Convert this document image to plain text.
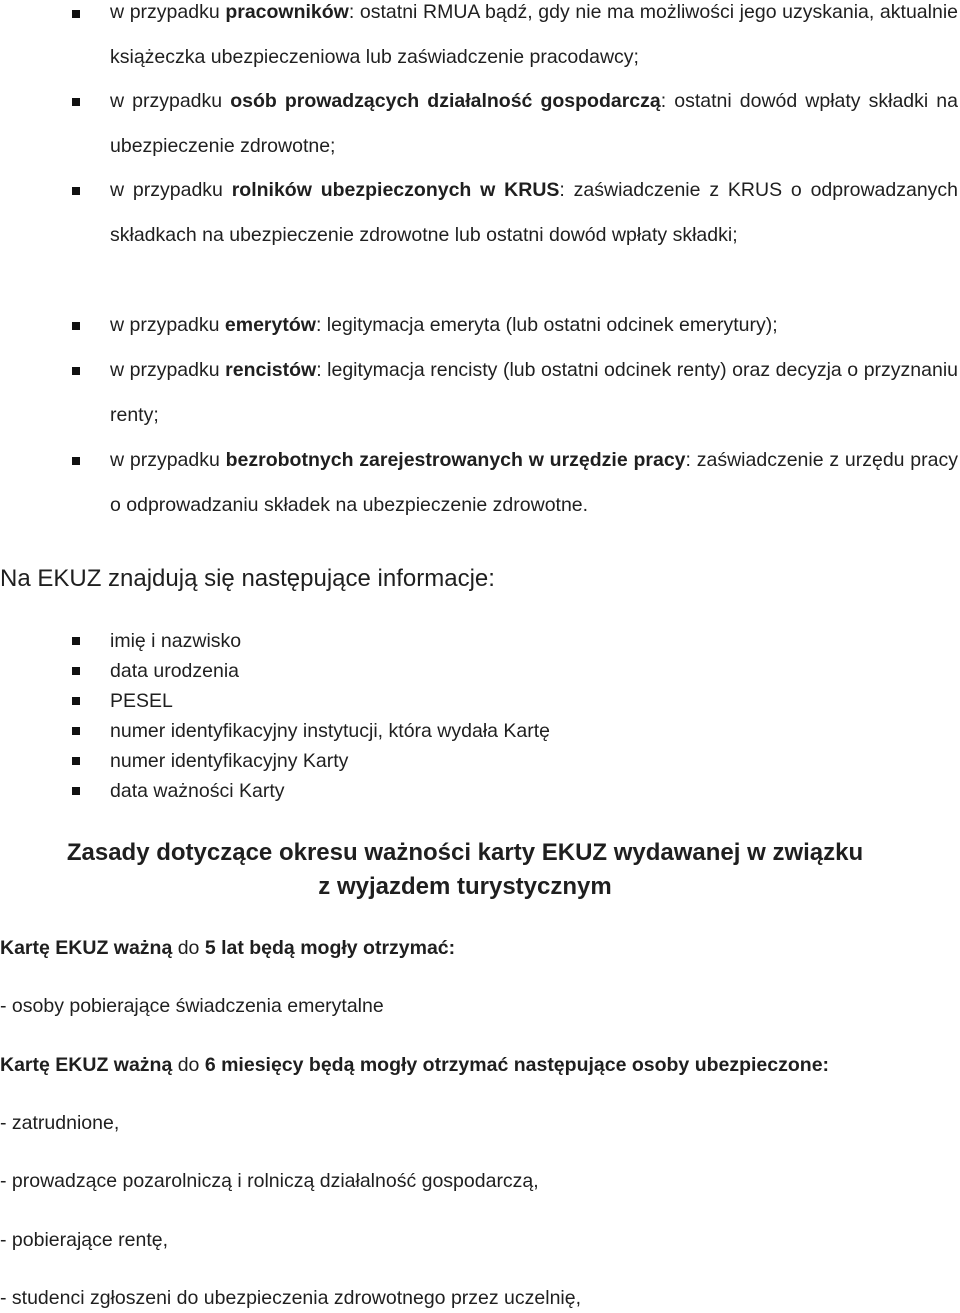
w przypadku pracowników: ostatni RMUA bądź, gdy nie ma możliwości jego uzyskania, aktualnie książeczka ubezpieczeniowa lub zaświadczenie pracodawcy;

w przypadku osób prowadzących działalność gospodarczą: ostatni dowód wpłaty składki na ubezpieczenie zdrowotne;

w przypadku rolników ubezpieczonych w KRUS: zaświadczenie z KRUS o odprowadzanych składkach na ubezpieczenie zdrowotne lub ostatni dowód wpłaty składki;

w przypadku emerytów: legitymacja emeryta (lub ostatni odcinek emerytury);

w przypadku rencistów: legitymacja rencisty (lub ostatni odcinek renty) oraz decyzja o przyznaniu renty;

w przypadku bezrobotnych zarejestrowanych w urzędzie pracy: zaświadczenie z urzędu pracy o odprowadzaniu składek na ubezpieczenie zdrowotne.

Na EKUZ znajdują się następujące informacje:

imię i nazwisko

data urodzenia

PESEL

numer identyfikacyjny instytucji, która wydała Kartę

numer identyfikacyjny Karty

data ważności Karty

Zasady dotyczące okresu ważności karty EKUZ wydawanej w związku
z wyjazdem turystycznym

Kartę EKUZ ważną do 5 lat będą mogły otrzymać:

- osoby pobierające świadczenia emerytalne

Kartę EKUZ ważną do 6 miesięcy będą mogły otrzymać następujące osoby ubezpieczone:

- zatrudnione,

- prowadzące pozarolniczą i rolniczą działalność gospodarczą,

- pobierające rentę,

- studenci zgłoszeni do ubezpieczenia zdrowotnego przez uczelnię,
